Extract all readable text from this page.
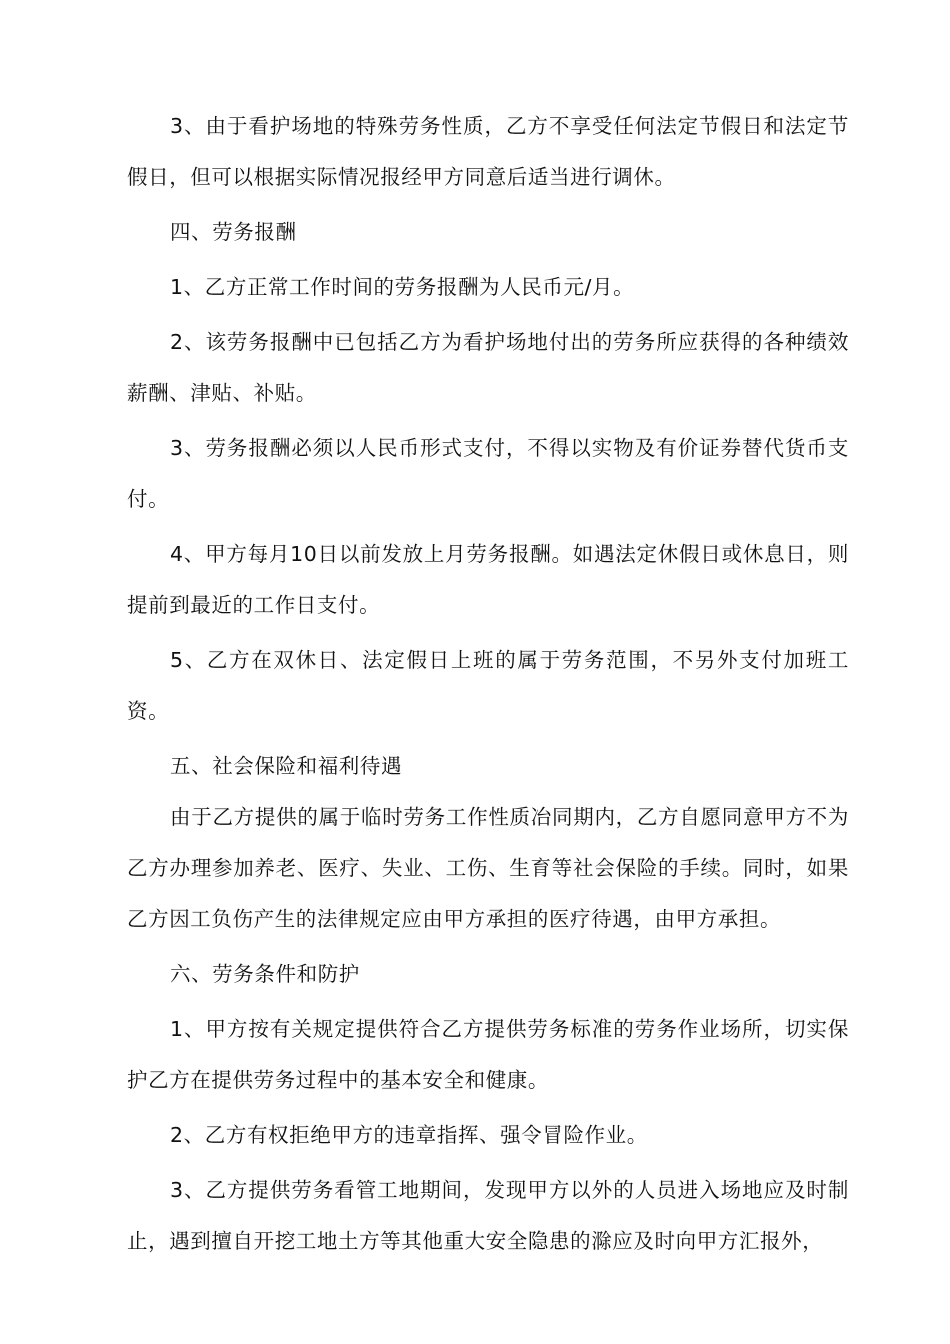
3、由于看护场地的特殊劳务性质，乙方不享受任何法定节假日和法定节假日，但可以根据实际情况报经甲方同意后适当进行调休。

四、劳务报酬

1、乙方正常工作时间的劳务报酬为人民币元/月。

2、该劳务报酬中已包括乙方为看护场地付出的劳务所应获得的各种绩效薪酬、津贴、补贴。

3、劳务报酬必须以人民币形式支付，不得以实物及有价证券替代货币支付。

4、甲方每月10日以前发放上月劳务报酬。如遇法定休假日或休息日，则提前到最近的工作日支付。

5、乙方在双休日、法定假日上班的属于劳务范围，不另外支付加班工资。

五、社会保险和福利待遇

由于乙方提供的属于临时劳务工作性质冶同期内，乙方自愿同意甲方不为乙方办理参加养老、医疗、失业、工伤、生育等社会保险的手续。同时，如果乙方因工负伤产生的法律规定应由甲方承担的医疗待遇，由甲方承担。

六、劳务条件和防护

1、甲方按有关规定提供符合乙方提供劳务标准的劳务作业场所，切实保护乙方在提供劳务过程中的基本安全和健康。

2、乙方有权拒绝甲方的违章指挥、强令冒险作业。

3、乙方提供劳务看管工地期间，发现甲方以外的人员进入场地应及时制止，遇到擅自开挖工地土方等其他重大安全隐患的滁应及时向甲方汇报外，
